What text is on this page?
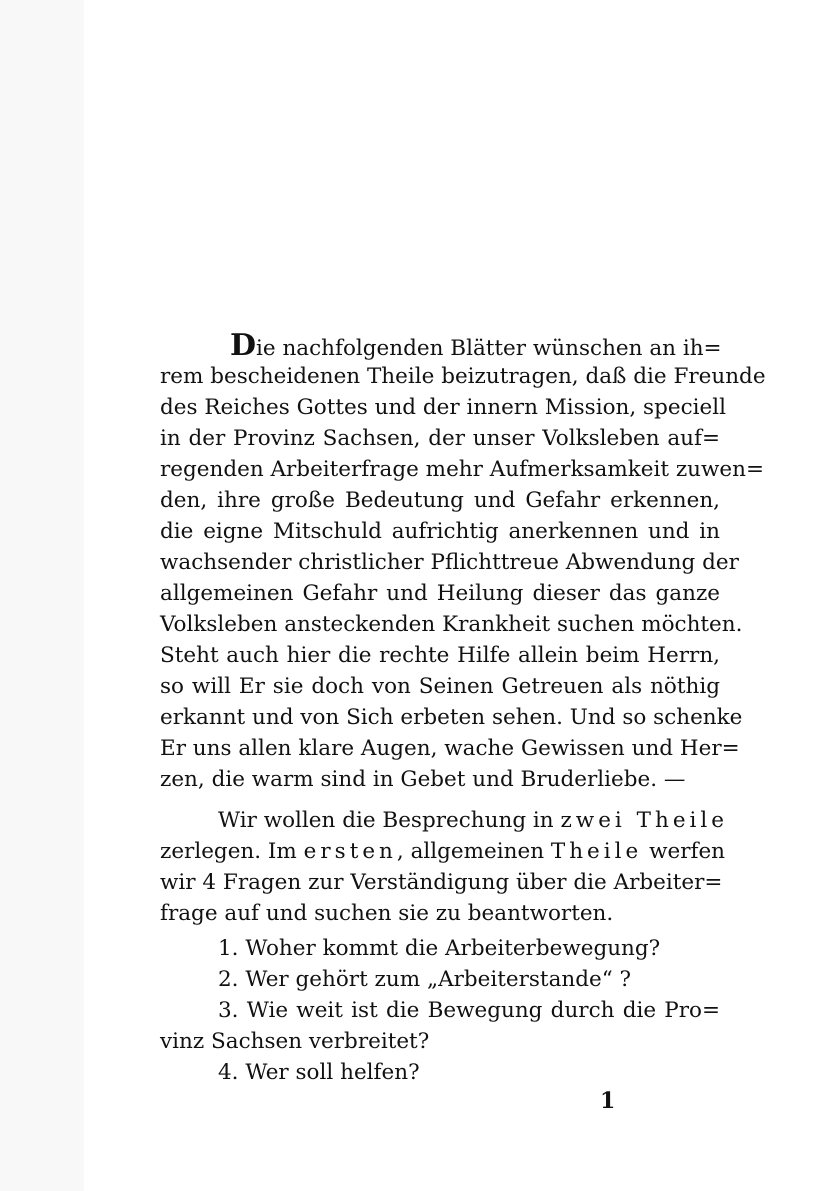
Die nachfolgenden Blätter wünschen an ih=
rem bescheidenen Theile beizutragen, daß die Freunde
des Reiches Gottes und der innern Mission, speciell
in der Provinz Sachsen, der unser Volksleben auf=
regenden Arbeiterfrage mehr Aufmerksamkeit zuwen=
den, ihre große Bedeutung und Gefahr erkennen,
die eigne Mitschuld aufrichtig anerkennen und in
wachsender christlicher Pflichttreue Abwendung der
allgemeinen Gefahr und Heilung dieser das ganze
Volksleben ansteckenden Krankheit suchen möchten.
Steht auch hier die rechte Hilfe allein beim Herrn,
so will Er sie doch von Seinen Getreuen als nöthig
erkannt und von Sich erbeten sehen. Und so schenke
Er uns allen klare Augen, wache Gewissen und Her=
zen, die warm sind in Gebet und Bruderliebe. —
Wir wollen die Besprechung in zwei Theile
zerlegen. Im ersten, allgemeinen Theile werfen
wir 4 Fragen zur Verständigung über die Arbeiter=
frage auf und suchen sie zu beantworten.
1. Woher kommt die Arbeiterbewegung?
2. Wer gehört zum „Arbeiterstande“ ?
3. Wie weit ist die Bewegung durch die Pro=
vinz Sachsen verbreitet?
4. Wer soll helfen?
1
